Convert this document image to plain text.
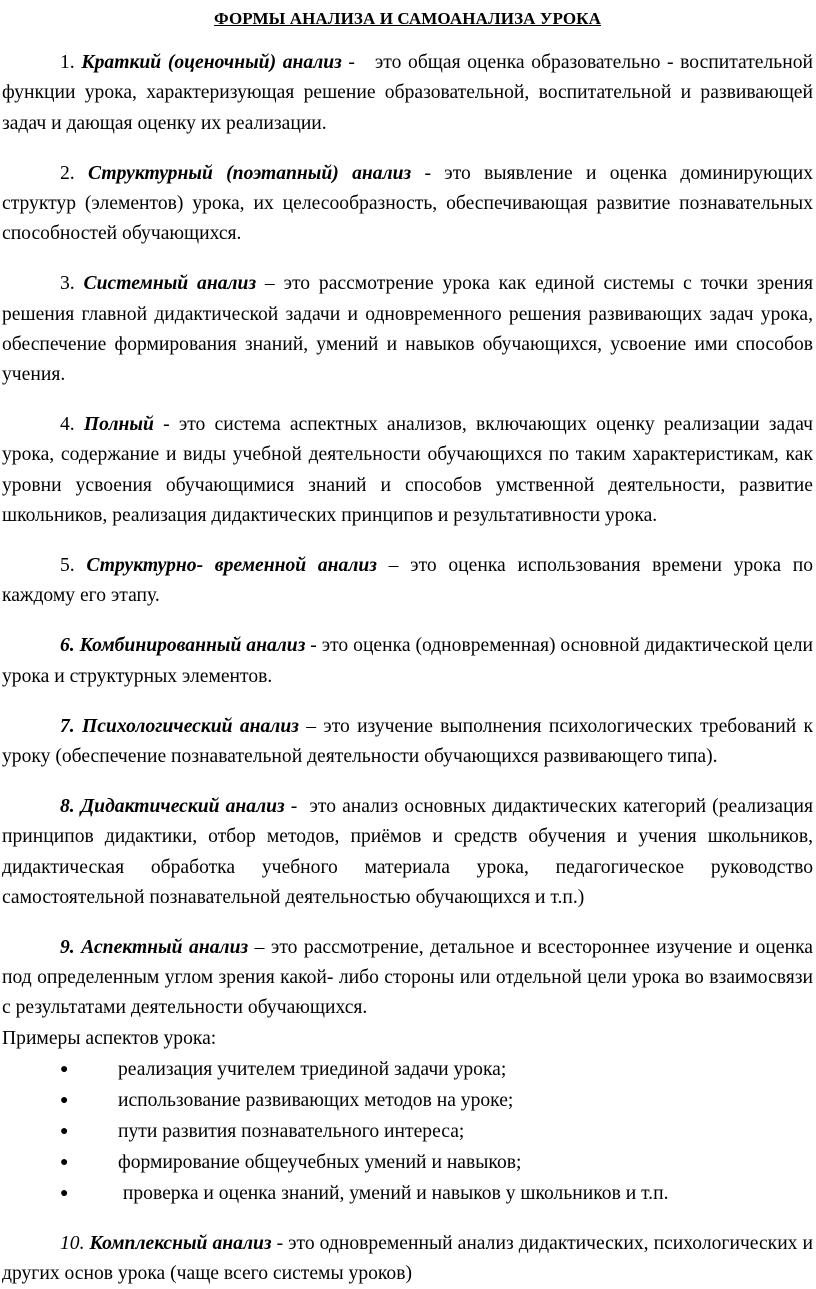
ФОРМЫ АНАЛИЗА И САМОАНАЛИЗА УРОКА

1. Краткий (оценочный) анализ - это общая оценка образовательно - воспитательной функции урока, характеризующая решение образовательной, воспитательной и развивающей задач и дающая оценку их реализации.

2. Структурный (поэтапный) анализ - это выявление и оценка доминирующих структур (элементов) урока, их целесообразность, обеспечивающая развитие познавательных способностей обучающихся.

3. Системный анализ – это рассмотрение урока как единой системы с точки зрения решения главной дидактической задачи и одновременного решения развивающих задач урока, обеспечение формирования знаний, умений и навыков обучающихся, усвоение ими способов учения.

4. Полный - это система аспектных анализов, включающих оценку реализации задач урока, содержание и виды учебной деятельности обучающихся по таким характеристикам, как уровни усвоения обучающимися знаний и способов умственной деятельности, развитие школьников, реализация дидактических принципов и результативности урока.

5. Структурно- временной анализ – это оценка использования времени урока по каждому его этапу.

6. Комбинированный анализ - это оценка (одновременная) основной дидактической цели урока и структурных элементов.

7. Психологический анализ – это изучение выполнения психологических требований к уроку (обеспечение познавательной деятельности обучающихся развивающего типа).

8. Дидактический анализ - это анализ основных дидактических категорий (реализация принципов дидактики, отбор методов, приёмов и средств обучения и учения школьников, дидактическая обработка учебного материала урока, педагогическое руководство самостоятельной познавательной деятельностью обучающихся и т.п.)

9. Аспектный анализ – это рассмотрение, детальное и всестороннее изучение и оценка под определенным углом зрения какой- либо стороны или отдельной цели урока во взаимосвязи с результатами деятельности обучающихся.
Примеры аспектов урока:

●	реализация учителем триединой задачи урока;
●	использование развивающих методов на уроке;
●	пути развития познавательного интереса;
●	формирование общеучебных умений и навыков;
●	проверка и оценка знаний, умений и навыков у школьников и т.п.

10. Комплексный анализ - это одновременный анализ дидактических, психологических и других основ урока (чаще всего системы уроков)
